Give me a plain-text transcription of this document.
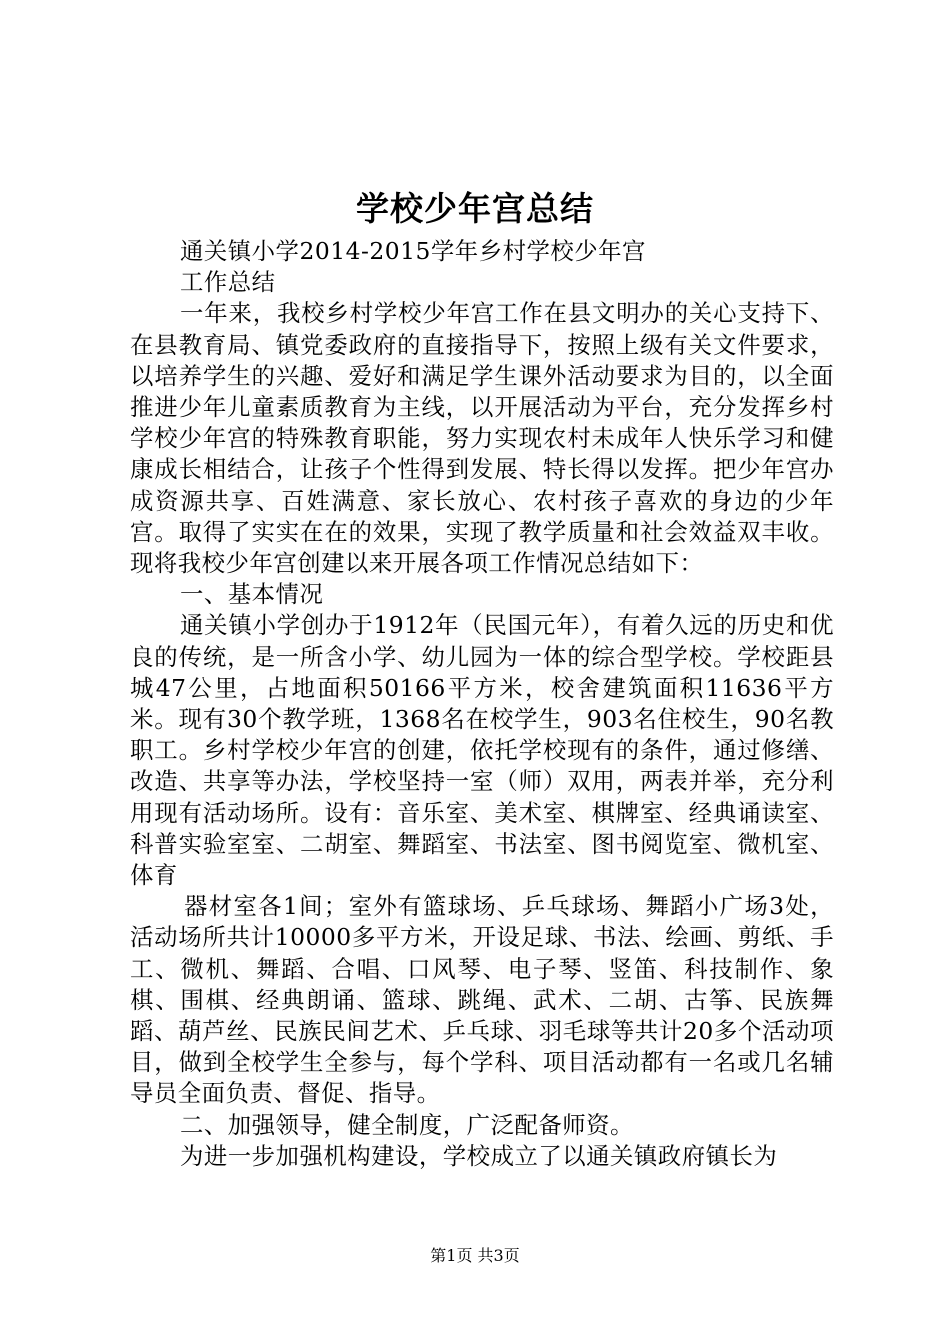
学校少年宫总结

通关镇小学2014-2015学年乡村学校少年宫

工作总结

一年来，我校乡村学校少年宫工作在县文明办的关心支持下、在县教育局、镇党委政府的直接指导下，按照上级有关文件要求，以培养学生的兴趣、爱好和满足学生课外活动要求为目的，以全面推进少年儿童素质教育为主线，以开展活动为平台，充分发挥乡村学校少年宫的特殊教育职能，努力实现农村未成年人快乐学习和健康成长相结合，让孩子个性得到发展、特长得以发挥。把少年宫办成资源共享、百姓满意、家长放心、农村孩子喜欢的身边的少年宫。取得了实实在在的效果，实现了教学质量和社会效益双丰收。现将我校少年宫创建以来开展各项工作情况总结如下：

一、基本情况

通关镇小学创办于1912年（民国元年），有着久远的历史和优良的传统，是一所含小学、幼儿园为一体的综合型学校。学校距县城47公里，占地面积50166平方米，校舍建筑面积11636平方米。现有30个教学班，1368名在校学生，903名住校生，90名教职工。乡村学校少年宫的创建，依托学校现有的条件，通过修缮、改造、共享等办法，学校坚持一室（师）双用，两表并举，充分利用现有活动场所。设有：音乐室、美术室、棋牌室、经典诵读室、科普实验室室、二胡室、舞蹈室、书法室、图书阅览室、微机室、体育

器材室各1间；室外有篮球场、乒乓球场、舞蹈小广场3处，活动场所共计10000多平方米，开设足球、书法、绘画、剪纸、手工、微机、舞蹈、合唱、口风琴、电子琴、竖笛、科技制作、象棋、围棋、经典朗诵、篮球、跳绳、武术、二胡、古筝、民族舞蹈、葫芦丝、民族民间艺术、乒乓球、羽毛球等共计20多个活动项目，做到全校学生全参与，每个学科、项目活动都有一名或几名辅导员全面负责、督促、指导。

二、加强领导，健全制度，广泛配备师资。

为进一步加强机构建设，学校成立了以通关镇政府镇长为

第1页 共3页
